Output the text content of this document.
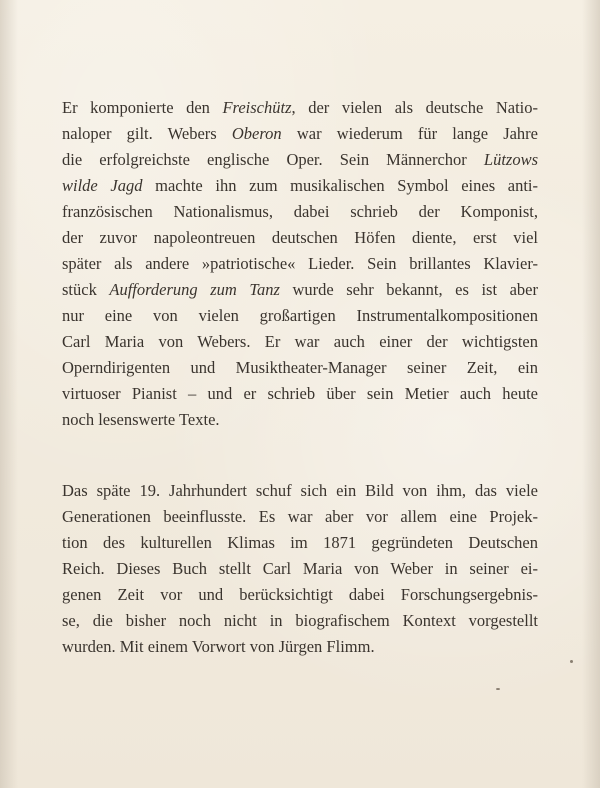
Er komponierte den Freischütz, der vielen als deutsche Natio-
naloper gilt. Webers Oberon war wiederum für lange Jahre
die erfolgreichste englische Oper. Sein Männerchor Lützows
wilde Jagd machte ihn zum musikalischen Symbol eines anti-
französischen Nationalismus, dabei schrieb der Komponist,
der zuvor napoleontreuen deutschen Höfen diente, erst viel
später als andere »patriotische« Lieder. Sein brillantes Klavier-
stück Aufforderung zum Tanz wurde sehr bekannt, es ist aber
nur eine von vielen großartigen Instrumentalkompositionen
Carl Maria von Webers. Er war auch einer der wichtigsten
Operndirigenten und Musiktheater-Manager seiner Zeit, ein
virtuoser Pianist – und er schrieb über sein Metier auch heute
noch lesenswerte Texte.
Das späte 19. Jahrhundert schuf sich ein Bild von ihm, das viele
Generationen beeinflusste. Es war aber vor allem eine Projek-
tion des kulturellen Klimas im 1871 gegründeten Deutschen
Reich. Dieses Buch stellt Carl Maria von Weber in seiner ei-
genen Zeit vor und berücksichtigt dabei Forschungsergebnis-
se, die bisher noch nicht in biografischem Kontext vorgestellt
wurden. Mit einem Vorwort von Jürgen Flimm.
